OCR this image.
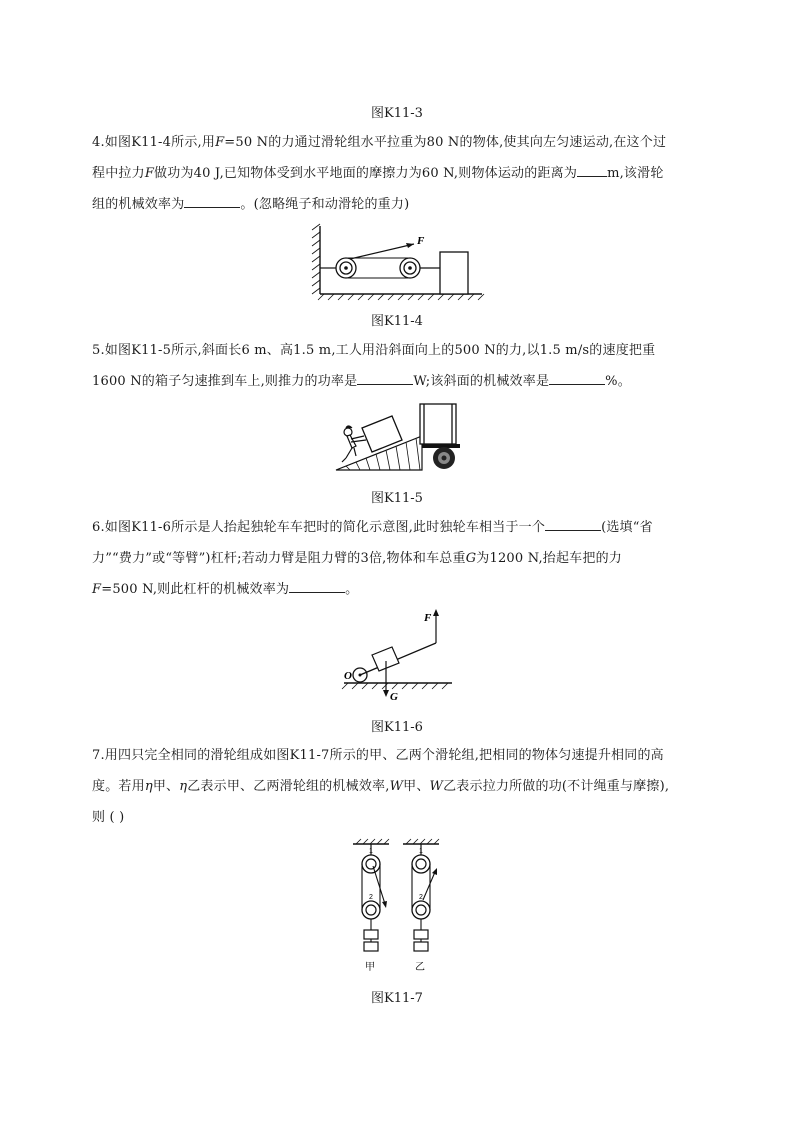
图K11-3
4.如图K11-4所示,用F=50 N的力通过滑轮组水平拉重为80 N的物体,使其向左匀速运动,在这个过
程中拉力F做功为40 J,已知物体受到水平地面的摩擦力为60 N,则物体运动的距离为 m,该滑轮
组的机械效率为	。(忽略绳子和动滑轮的重力)
F
图K11-4
5.如图K11-5所示,斜面长6 m、高1.5 m,工人用沿斜面向上的500 N的力,以1.5 m/s的速度把重
1600 N的箱子匀速推到车上,则推力的功率是	W;该斜面的机械效率是	%。
图K11-5
6.如图K11-6所示是人抬起独轮车车把时的简化示意图,此时独轮车相当于一个	(选填“省
力”“费力”或“等臂”)杠杆;若动力臂是阻力臂的3倍,物体和车总重G为1200 N,抬起车把的力
F=500 N,则此杠杆的机械效率为	。
O
G
F
图K11-6
7.用四只完全相同的滑轮组成如图K11-7所示的甲、乙两个滑轮组,把相同的物体匀速提升相同的高
度。若用η甲、η乙表示甲、乙两滑轮组的机械效率,W甲、W乙表示拉力所做的功(不计绳重与摩擦),
则 ( )
1
2
甲
1
2
乙
图K11-7
